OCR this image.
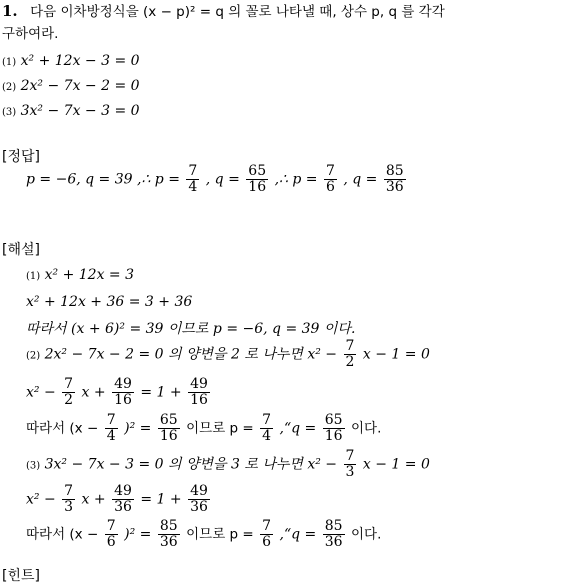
1. 다음 이차방정식을 (x − p)² = q 의 꼴로 나타낼 때, 상수 p, q 를 각각
구하여라.
(1) x² + 12x − 3 = 0
(2) 2x² − 7x − 2 = 0
(3) 3x² − 7x − 3 = 0
[정답]
p = −6, q = 39 ,∴ $p = \frac{7}{4}$ , $q = \frac{65}{16}$ ,∴ $p = \frac{7}{6}$ , $q = \frac{85}{36}$
[해설]
(1) x² + 12x = 3
x² + 12x + 36 = 3 + 36
따라서 (x + 6)² = 39 이므로 p = −6, q = 39 이다.
(2) 2x² − 7x − 2 = 0 의 양변을 2 로 나누면 $x^2 - \frac{7}{2}$ x − 1 = 0
$x^2 - \frac{7}{2}$ $x + \frac{49}{16} = 1 + \frac{49}{16}$
따라서 $(x - \frac{7}{4} )^2 = \frac{65}{16}$ 이므로 $p = \frac{7}{4}$ ,“q = $\frac{65}{16}$ 이다.
(3) 3x² − 7x − 3 = 0 의 양변을 3 로 나누면 $x^2 - \frac{7}{3}$ x − 1 = 0
$x^2 - \frac{7}{3}$ $x + \frac{49}{36} = 1 + \frac{49}{36}$
따라서 $(x - \frac{7}{6} )^2 = \frac{85}{36}$ 이므로 $p = \frac{7}{6}$ ,“q = $\frac{85}{36}$ 이다.
[힌트]
